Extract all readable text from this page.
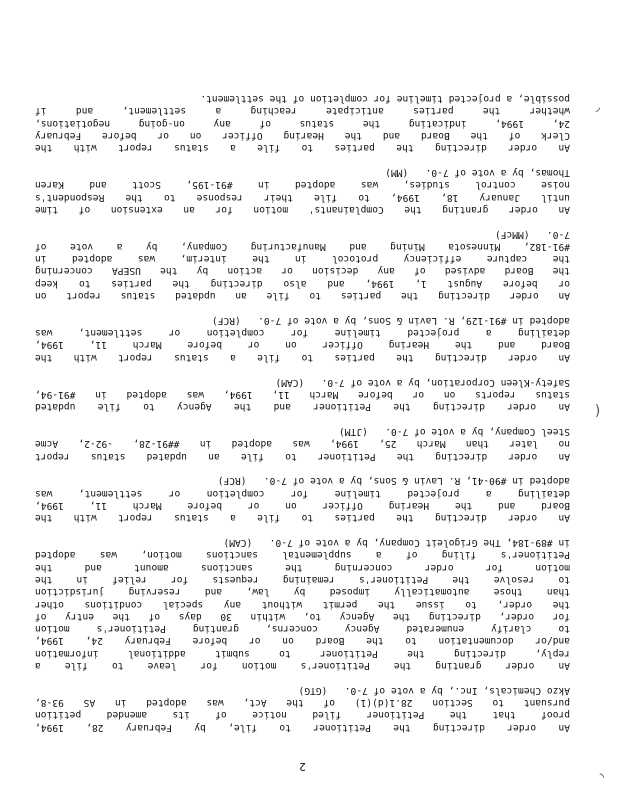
2
An order directing the Petitioner to file, by February 28, 1994,
proof that the Petitioner filed notice of its amended petition
pursuant to Section 28.1(d)(1) of the Act, was adopted in AS 93-8,
Akzo Chemicals, Inc., by a vote of 7-0.   (GTG)
An order granting the Petitioner's motion for leave to file a
reply, directing the Petitioner to submit additional information
and/or documentation to the Board on or before February 24, 1994,
to clarify enumerated Agency concerns, granting Petitioner's motion
for order, directing the Agency to, within 30 days of the entry of
the order, to issue the permit without any special conditions other
than those automatically imposed by law, and reserving jurisdiction
to resolve the Petitioner's remaining requests for relief in the
motion for order concerning the sanctions amount and the
Petitioner's filing of a supplemental sanctions motion, was adopted
in #89-184, The Grigoleit Company, by a vote of 7-0.   (CAM)
An order directing the parties to file a status report with the
Board and the Hearing Officer on or before March 11, 1994,
detailing a projected timeline for completion or settlement, was
adopted in #90-41, R. Lavin & Sons, by a vote of 7-0.   (RCF)
An order directing the Petitioner to file an updated status report
no later than March 25, 1994, was adopted in ##91-28, -92-2, Acme
Steel Company, by a vote of 7-0.   (JTM)
An order directing the Petitioner and the Agency to file updated
status reports on or before March 11, 1994, was adopted in #91-94,
Safety-Kleen Corporation, by a vote of 7-0.   (CAM)
An order directing the parties to file a status report with the
Board and the Hearing Officer on or before March 11, 1994,
detailing a projected timeline for completion or settlement, was
adopted in #91-129, R. Lavin & Sons, by a vote of 7-0.   (RCF)
An order directing the parties to file an updated status report on
or before August 1, 1994, and also directing the parties to keep
the Board advised of any decision or action by the USEPA concerning
the capture efficiency protocol in the interim, was adopted in
#91-182, Minnesota Mining and Manufacturing Company, by a vote of
7-0.   (MMcF)
An order granting the Complainants' motion for an extension of time
until January 18, 1994, to file their response to the Respondent's
noise control studies, was adopted in #91-195, Scott and Karen
Thomas, by a vote of 7-0.   (MM)
An order directing the parties to file a status report with the
Clerk of the Board and the Hearing Officer on or before February
24, 1994, indicating the status of any on-going negotiations,
whether the parties anticipate reaching a settlement, and if
possible, a projected timeline for completion of the settlement.
◟
(
◜
